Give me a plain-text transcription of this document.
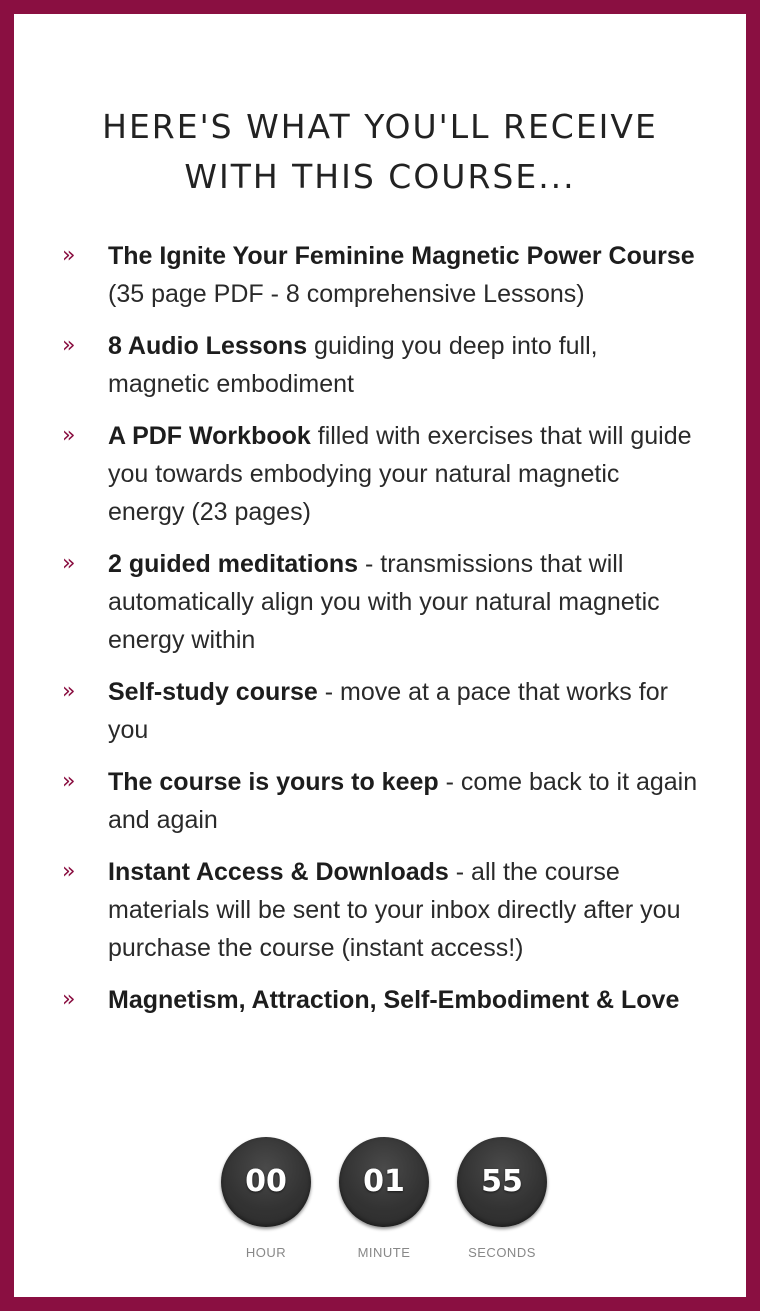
HERE'S WHAT YOU'LL RECEIVE
WITH THIS COURSE...
» The Ignite Your Feminine Magnetic Power Course (35 page PDF - 8 comprehensive Lessons)
» 8 Audio Lessons guiding you deep into full, magnetic embodiment
» A PDF Workbook filled with exercises that will guide you towards embodying your natural magnetic energy (23 pages)
» 2 guided meditations - transmissions that will automatically align you with your natural magnetic energy within
» Self-study course - move at a pace that works for you
» The course is yours to keep - come back to it again and again
» Instant Access & Downloads - all the course materials will be sent to your inbox directly after you purchase the course (instant access!)
» Magnetism, Attraction, Self-Embodiment & Love
00
HOUR
01
MINUTE
55
SECONDS
